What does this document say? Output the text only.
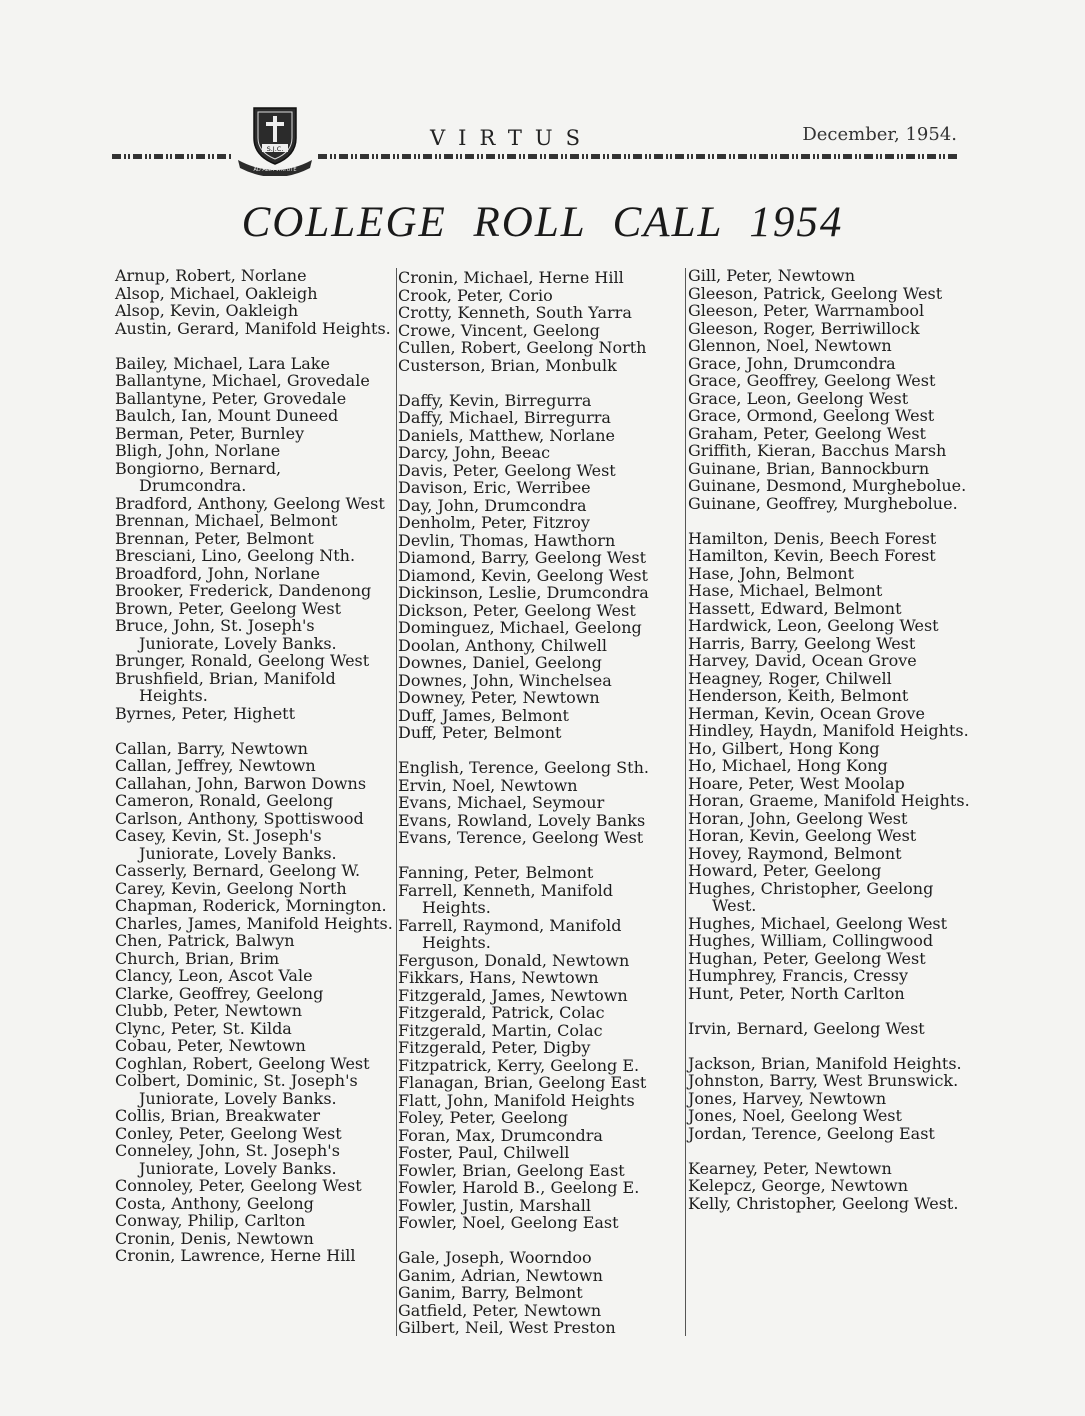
S.J.C.
AD ALTA VIRTUTE
VIRTUS	December, 1954.
COLLEGE ROLL CALL 1954
Arnup, Robert, Norlane
Alsop, Michael, Oakleigh
Alsop, Kevin, Oakleigh
Austin, Gerard, Manifold Heights.
Bailey, Michael, Lara Lake
Ballantyne, Michael, Grovedale
Ballantyne, Peter, Grovedale
Baulch, Ian, Mount Duneed
Berman, Peter, Burnley
Bligh, John, Norlane
Bongiorno, Bernard, Drumcondra.
Bradford, Anthony, Geelong West
Brennan, Michael, Belmont
Brennan, Peter, Belmont
Bresciani, Lino, Geelong Nth.
Broadford, John, Norlane
Brooker, Frederick, Dandenong
Brown, Peter, Geelong West
Bruce, John, St. Joseph's Juniorate, Lovely Banks.
Brunger, Ronald, Geelong West
Brushfield, Brian, Manifold Heights.
Byrnes, Peter, Highett
Callan, Barry, Newtown
Callan, Jeffrey, Newtown
Callahan, John, Barwon Downs
Cameron, Ronald, Geelong
Carlson, Anthony, Spottiswood
Casey, Kevin, St. Joseph's Juniorate, Lovely Banks.
Casserly, Bernard, Geelong W.
Carey, Kevin, Geelong North
Chapman, Roderick, Mornington.
Charles, James, Manifold Heights.
Chen, Patrick, Balwyn
Church, Brian, Brim
Clancy, Leon, Ascot Vale
Clarke, Geoffrey, Geelong
Clubb, Peter, Newtown
Clync, Peter, St. Kilda
Cobau, Peter, Newtown
Coghlan, Robert, Geelong West
Colbert, Dominic, St. Joseph's Juniorate, Lovely Banks.
Collis, Brian, Breakwater
Conley, Peter, Geelong West
Conneley, John, St. Joseph's Juniorate, Lovely Banks.
Connoley, Peter, Geelong West
Costa, Anthony, Geelong
Conway, Philip, Carlton
Cronin, Denis, Newtown
Cronin, Lawrence, Herne Hill
Cronin, Michael, Herne Hill
Crook, Peter, Corio
Crotty, Kenneth, South Yarra
Crowe, Vincent, Geelong
Cullen, Robert, Geelong North
Custerson, Brian, Monbulk
Daffy, Kevin, Birregurra
Daffy, Michael, Birregurra
Daniels, Matthew, Norlane
Darcy, John, Beeac
Davis, Peter, Geelong West
Davison, Eric, Werribee
Day, John, Drumcondra
Denholm, Peter, Fitzroy
Devlin, Thomas, Hawthorn
Diamond, Barry, Geelong West
Diamond, Kevin, Geelong West
Dickinson, Leslie, Drumcondra
Dickson, Peter, Geelong West
Dominguez, Michael, Geelong
Doolan, Anthony, Chilwell
Downes, Daniel, Geelong
Downes, John, Winchelsea
Downey, Peter, Newtown
Duff, James, Belmont
Duff, Peter, Belmont
English, Terence, Geelong Sth.
Ervin, Noel, Newtown
Evans, Michael, Seymour
Evans, Rowland, Lovely Banks
Evans, Terence, Geelong West
Fanning, Peter, Belmont
Farrell, Kenneth, Manifold Heights.
Farrell, Raymond, Manifold Heights.
Ferguson, Donald, Newtown
Fikkars, Hans, Newtown
Fitzgerald, James, Newtown
Fitzgerald, Patrick, Colac
Fitzgerald, Martin, Colac
Fitzgerald, Peter, Digby
Fitzpatrick, Kerry, Geelong E.
Flanagan, Brian, Geelong East
Flatt, John, Manifold Heights
Foley, Peter, Geelong
Foran, Max, Drumcondra
Foster, Paul, Chilwell
Fowler, Brian, Geelong East
Fowler, Harold B., Geelong E.
Fowler, Justin, Marshall
Fowler, Noel, Geelong East
Gale, Joseph, Woorndoo
Ganim, Adrian, Newtown
Ganim, Barry, Belmont
Gatfield, Peter, Newtown
Gilbert, Neil, West Preston
Gill, Peter, Newtown
Gleeson, Patrick, Geelong West
Gleeson, Peter, Warrnambool
Gleeson, Roger, Berriwillock
Glennon, Noel, Newtown
Grace, John, Drumcondra
Grace, Geoffrey, Geelong West
Grace, Leon, Geelong West
Grace, Ormond, Geelong West
Graham, Peter, Geelong West
Griffith, Kieran, Bacchus Marsh
Guinane, Brian, Bannockburn
Guinane, Desmond, Murghebolue.
Guinane, Geoffrey, Murghebolue.
Hamilton, Denis, Beech Forest
Hamilton, Kevin, Beech Forest
Hase, John, Belmont
Hase, Michael, Belmont
Hassett, Edward, Belmont
Hardwick, Leon, Geelong West
Harris, Barry, Geelong West
Harvey, David, Ocean Grove
Heagney, Roger, Chilwell
Henderson, Keith, Belmont
Herman, Kevin, Ocean Grove
Hindley, Haydn, Manifold Heights.
Ho, Gilbert, Hong Kong
Ho, Michael, Hong Kong
Hoare, Peter, West Moolap
Horan, Graeme, Manifold Heights.
Horan, John, Geelong West
Horan, Kevin, Geelong West
Hovey, Raymond, Belmont
Howard, Peter, Geelong
Hughes, Christopher, Geelong West.
Hughes, Michael, Geelong West
Hughes, William, Collingwood
Hughan, Peter, Geelong West
Humphrey, Francis, Cressy
Hunt, Peter, North Carlton
Irvin, Bernard, Geelong West
Jackson, Brian, Manifold Heights.
Johnston, Barry, West Brunswick.
Jones, Harvey, Newtown
Jones, Noel, Geelong West
Jordan, Terence, Geelong East
Kearney, Peter, Newtown
Kelepcz, George, Newtown
Kelly, Christopher, Geelong West.
